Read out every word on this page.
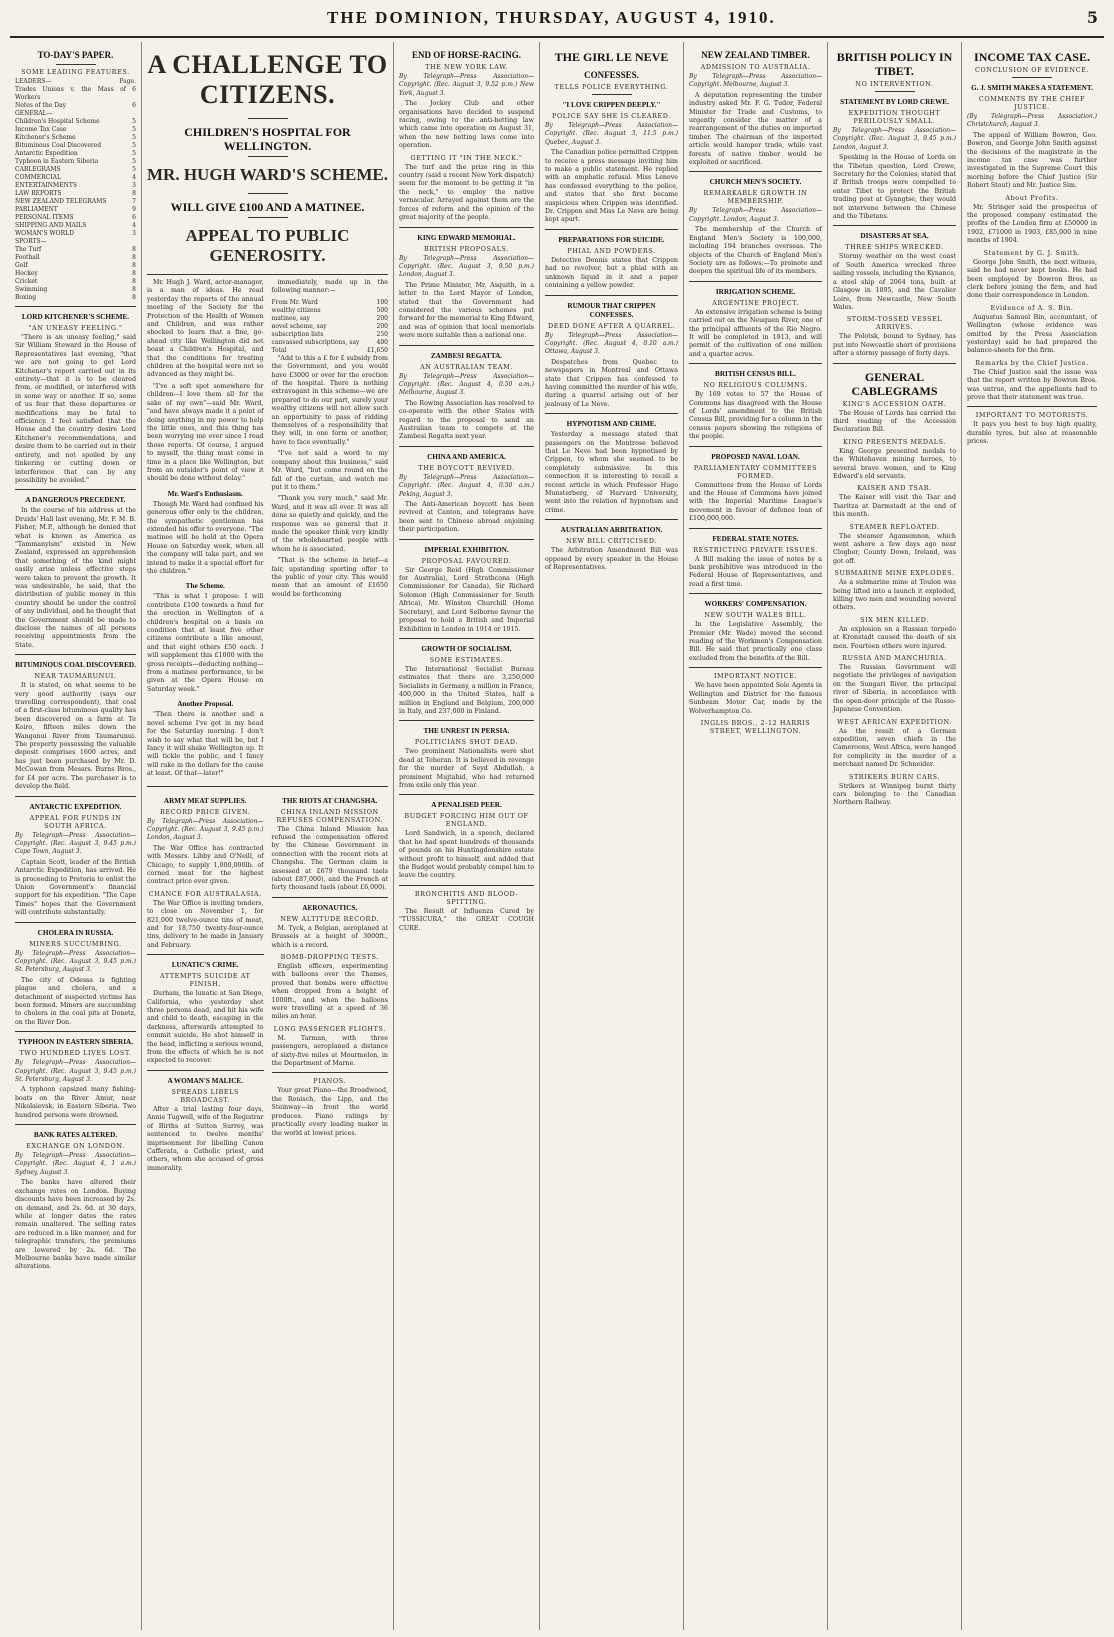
THE DOMINION, THURSDAY, AUGUST 4, 1910.	5
TO-DAY'S PAPER.
SOME LEADING FEATURES.
LEADERS—	Page.
Trades Unions v. the Mass of Workers
6
Notes of the Day	6
GENERAL—
Children's Hospital Scheme	5
Income Tax Case	5
Kitchener's Scheme	5
Bituminous Coal Discovered	5
Antarctic Expedition	5
Typhoon in Eastern Siberia	5
CABLEGRAMS	5
COMMERCIAL	4
ENTERTAINMENTS	3
LAW REPORTS	8
NEW ZEALAND TELEGRAMS	7
PARLIAMENT	9
PERSONAL ITEMS	6
SHIPPING AND MAILS	4
WOMAN'S WORLD	3
SPORTS—
The Turf	8
Football	8
Golf	8
Hockey	8
Cricket	8
Swimming	8
Boxing	8
LORD KITCHENER'S SCHEME.
"AN UNEASY FEELING."

"There is an uneasy feeling," said Sir William Steward in the House of Representatives last evening, "that we are not going to get Lord Kitchener's report carried out in its entirety—that it is to be cleared from, or modified, or interfered with in some way or another. If so, some of us fear that these departures or modifications may be fatal to efficiency. I feel satisfied that the House and the country desire Lord Kitchener's recommendations, and desire them to be carried out in their entirety, and not spoiled by any tinkering or cutting down or interference that can by any possibility be avoided."

A DANGEROUS PRECEDENT.

In the course of his address at the Druids' Hall last evening, Mr. F. M. B. Fisher, M.P., although he denied that what is known as America as "Tammanyism" existed in New Zealand, expressed an apprehension that something of the kind might easily arise unless effective steps were taken to prevent the growth. It was undesirable, he said, that the distribution of public money in this country should be under the control of any individual, and he thought that the Government should be made to disclose the names of all persons receiving appointments from the State.

BITUMINOUS COAL DISCOVERED.
NEAR TAUMARUNUI.

It is stated, on what seems to be very good authority (says our travelling correspondent), that coal of a first-class bituminous quality has been discovered on a farm at Te Koiro, fifteen miles down the Wanganui River from Taumarunui. The property possessing the valuable deposit comprises 1600 acres, and has just been purchased by Mr. D. McCowan from Messrs. Burns Bros., for £4 per acre. The purchaser is to develop the field.

ANTARCTIC EXPEDITION.
APPEAL FOR FUNDS IN SOUTH AFRICA.
By Telegraph—Press Association—Copyright. (Rec. August 3, 9.45 p.m.) Cape Town, August 3.

Captain Scott, leader of the British Antarctic Expedition, has arrived. He is proceeding to Pretoria to enlist the Union Government's financial support for his expedition. "The Cape Times" hopes that the Government will contribute substantially.

CHOLERA IN RUSSIA.
MINERS SUCCUMBING.
By Telegraph—Press Association—Copyright. (Rec. August 3, 9.45 p.m.) St. Petersburg, August 3.

The city of Odessa is fighting plague and cholera, and a detachment of suspected victims has been formed. Miners are succumbing to cholera in the coal pits at Donetz, on the River Don.

TYPHOON IN EASTERN SIBERIA.
TWO HUNDRED LIVES LOST.
By Telegraph—Press Association—Copyright. (Rec. August 3, 9.45 p.m.) St. Petersburg, August 3.

A typhoon capsized many fishing-boats on the River Amur, near Nikolaievsk, in Eastern Siberia. Two hundred persons were drowned.

BANK RATES ALTERED.
EXCHANGE ON LONDON.
By Telegraph—Press Association—Copyright. (Rec. August 4, 1 a.m.) Sydney, August 3.

The banks have altered their exchange rates on London. Buying discounts have been increased by 2s. on demand, and 2s. 6d. at 30 days, while at longer dates the rates remain unaltered. The selling rates are reduced in a like manner, and for telegraphic transfers, the premiums are lowered by 2s. 6d. The Melbourne banks have made similar alterations.

A CHALLENGE TO CITIZENS.
CHILDREN'S HOSPITAL FOR WELLINGTON.
MR. HUGH WARD'S SCHEME.
WILL GIVE £100 AND A MATINEE.
APPEAL TO PUBLIC GENEROSITY.

Mr. Hugh J. Ward, actor-manager, is a man of ideas. He read yesterday the reports of the annual meeting of the Society for the Protection of the Health of Women and Children, and was rather shocked to learn that a fine, go-ahead city like Wellington did not boast a Children's Hospital, and that the conditions for treating children at the hospital were not so advanced as they might be.

"I've a soft spot somewhere for children—I love them all for the sake of my own"—said Mr. Ward, "and have always made it a point of doing anything in my power to help the little ones, and this thing has been worrying me ever since I read those reports. Of course, I argued to myself, the thing must come in time in a place like Wellington, but from an outsider's point of view it should be done without delay."

Mr. Ward's Enthusiasm.

Though Mr. Ward had confined his generous offer only to the children, the sympathetic gentleman has extended his offer to everyone. "The matinee will be held at the Opera House on Saturday week, when all the company will take part, and we intend to make it a special effort for the children."

The Scheme.

"This is what I propose: I will contribute £100 towards a fund for the erection in Wellington of a children's hospital on a basis on condition that at least five other citizens contribute a like amount, and that eight others £50 each. I will supplement this £1000 with the gross receipts—deducting nothing—from a matinee performance, to be given at the Opera House on Saturday week."

Another Proposal.

"Then there is another and a novel scheme I've got in my head for the Saturday morning. I don't wish to say what that will be, but I fancy it will shake Wellington up. It will tickle the public, and I fancy will rake in the dollars for the cause at least. Of that—later!"

immediately, made up in the following manner:—

From Mr. Ward	100
wealthy citizens	500
matinee, say	200
novel scheme, say	200
subscription lists	250
canvassed subscriptions, say	400
Total	£1,650

"Add to this a £ for £ subsidy from the Government, and you would have £3000 or over for the erection of the hospital. There is nothing extravagant in this scheme—we are prepared to do our part, surely your wealthy citizens will not allow such an opportunity to pass of ridding themselves of a responsibility that they will, in one form or another, have to face eventually."

"I've not said a word to my company about this business," said Mr. Ward, "but come round on the fall of the curtain, and watch me put it to them."

"Thank you very much," said Mr. Ward, and it was all over. It was all done so quietly and quickly, and the response was so general that it made the speaker think very kindly of the wholehearted people with whom he is associated.

"That is the scheme in brief—a fair, upstanding sporting offer to the public of your city. This would mean that an amount of £1650 would be forthcoming

ARMY MEAT SUPPLIES.
RECORD PRICE GIVEN.
By Telegraph—Press Association—Copyright. (Rec. August 3, 9.45 p.m.) London, August 3.

The War Office has contracted with Messrs. Libby and O'Neill, of Chicago, to supply 1,000,000lb. of corned meat for the highest contract price ever given.

CHANCE FOR AUSTRALASIA.

The War Office is inviting tenders, to close on November 1, for 821,000 twelve-ounce tins of meat, and for 18,750 twenty-four-ounce tins, delivery to be made in January and February.

LUNATIC'S CRIME.
ATTEMPTS SUICIDE AT FINISH.

Durham, the lunatic at San Diego, California, who yesterday shot three persons dead, and hit his wife and child to death, escaping in the darkness, afterwards attempted to commit suicide. He shot himself in the head, inflicting a serious wound, from the effects of which he is not expected to recover.

A WOMAN'S MALICE.
SPREADS LIBELS BROADCAST.

After a trial lasting four days, Annie Tugwell, wife of the Registrar of Births at Sutton Surrey, was sentenced to twelve months' imprisonment for libelling Canon Cafferata, a Catholic priest, and others, whom she accused of gross immorality.

THE RIOTS AT CHANGSHA.
CHINA INLAND MISSION REFUSES COMPENSATION.

The China Inland Mission has refused the compensation offered by the Chinese Government in connection with the recent riots at Changsha. The German claim is assessed at £679 thousand taels (about £87,000), and the French at forty thousand taels (about £6,000).

AERONAUTICS.
NEW ALTITUDE RECORD.

M. Tyck, a Belgian, aeroplaned at Brussels at a height of 3000ft., which is a record.

BOMB-DROPPING TESTS.

English officers, experimenting with balloons over the Thames, proved that bombs were effective when dropped from a height of 1000ft., and when the balloons were travelling at a speed of 36 miles an hour.

LONG PASSENGER FLIGHTS.

M. Tarman, with three passengers, aeroplaned a distance of sixty-five miles at Mourmelon, in the Department of Marne.

PIANOS.

Your great Piano—the Broadwood, the Ronisch, the Lipp, and the Steinway—in front the world produces. Piano ratings by practically every leading maker in the world at lowest prices.

END OF HORSE-RACING.
THE NEW YORK LAW.
By Telegraph—Press Association—Copyright. (Rec. August 3, 9.52 p.m.) New York, August 3.

The Jockey Club and other organisations have decided to suspend racing, owing to the anti-betting law which came into operation on August 31, when the new betting laws come into operation.

GETTING IT "IN THE NECK."

The turf and the prize ring in this country (said a recent New York dispatch) seem for the moment to be getting it "in the neck," to employ the native vernacular. Arrayed against them are the forces of reform and the opinion of the great majority of the people.

KING EDWARD MEMORIAL.
BRITISH PROPOSALS.
By Telegraph—Press Association—Copyright. (Rec. August 3, 9.50 p.m.) London, August 3.

The Prime Minister, Mr. Asquith, in a letter to the Lord Mayor of London, stated that the Government had considered the various schemes put forward for the memorial to King Edward, and was of opinion that local memorials were more suitable than a national one.

ZAMBESI REGATTA.
AN AUSTRALIAN TEAM.
By Telegraph—Press Association—Copyright. (Rec. August 4, 0.50 a.m.) Melbourne, August 3.

The Rowing Association has resolved to co-operate with the other States with regard to the proposal to send an Australian team to compete at the Zambesi Regatta next year.

CHINA AND AMERICA.
THE BOYCOTT REVIVED.
By Telegraph—Press Association—Copyright. (Rec. August 4, 0.50 a.m.) Peking, August 3.

The Anti-American boycott has been revived at Canton, and telegrams have been sent to Chinese abroad enjoining their participation.

IMPERIAL EXHIBITION.
PROPOSAL FAVOURED.

Sir George Reid (High Commissioner for Australia), Lord Strathcona (High Commissioner for Canada), Sir Richard Solomon (High Commissioner for South Africa), Mr. Winston Churchill (Home Secretary), and Lord Selborne favour the proposal to hold a British and Imperial Exhibition in London in 1914 or 1915.

GROWTH OF SOCIALISM.
SOME ESTIMATES.

The International Socialist Bureau estimates that there are 3,250,000 Socialists in Germany, a million in France, 400,000 in the United States, half a million in England and Belgium, 200,000 in Italy, and 237,000 in Finland.

THE UNREST IN PERSIA.
POLITICIANS SHOT DEAD.

Two prominent Nationalists were shot dead at Teheran. It is believed in revenge for the murder of Seyd Abdullah, a prominent Mujtahid, who had returned from exile only this year.

A PENALISED PEER.
BUDGET FORCING HIM OUT OF ENGLAND.

Lord Sandwich, in a speech, declared that he had spent hundreds of thousands of pounds on his Huntingdonshire estate without profit to himself, and added that the Budget would probably compel him to leave the country.

BRONCHITIS AND BLOOD-SPITTING.

The Result of Influenza Cured by "TUSSICURA," the GREAT COUGH CURE.

THE GIRL LE NEVE
CONFESSES.
TELLS POLICE EVERYTHING.
"I LOVE CRIPPEN DEEPLY."
POLICE SAY SHE IS CLEARED.
By Telegraph—Press Association—Copyright. (Rec. August 3, 11.5 p.m.) Quebec, August 3.

The Canadian police permitted Crippen to receive a press message inviting him to make a public statement. He replied with an emphatic refusal. Miss Leneve has confessed everything to the police, and states that she first became suspicious when Crippen was identified. Dr. Crippen and Miss Le Neve are being kept apart.

PREPARATIONS FOR SUICIDE.
PHIAL AND POWDERS.

Detective Dennis states that Crippen had no revolver, but a phial with an unknown liquid in it and a paper containing a yellow powder.

RUMOUR THAT CRIPPEN CONFESSES.
DEED DONE AFTER A QUARREL.
By Telegraph—Press Association—Copyright. (Rec. August 4, 0.10 a.m.) Ottawa, August 3.

Despatches from Quebec to newspapers in Montreal and Ottawa state that Crippen has confessed to having committed the murder of his wife, during a quarrel arising out of her jealousy of Le Neve.

HYPNOTISM AND CRIME.

Yesterday a message stated that passengers on the Montrose believed that Le Neve had been hypnotised by Crippen, to whom she seemed to be completely submissive. In this connection it is interesting to recall a recent article in which Professor Hugo Munsterberg, of Harvard University, went into the relation of hypnotism and crime.

AUSTRALIAN ARBITRATION.
NEW BILL CRITICISED.

The Arbitration Amendment Bill was opposed by every speaker in the House of Representatives.

NEW ZEALAND TIMBER.
ADMISSION TO AUSTRALIA.
By Telegraph—Press Association—Copyright. Melbourne, August 3.

A deputation representing the timber industry asked Mr. F. G. Tudor, Federal Minister for Trade and Customs, to urgently consider the matter of a rearrangement of the duties on imported timber. The chairman of the imported article would hamper trade, while vast forests of native timber would be exploited or sacrificed.

CHURCH MEN'S SOCIETY.
REMARKABLE GROWTH IN MEMBERSHIP.
By Telegraph—Press Association—Copyright. London, August 3.

The membership of the Church of England Men's Society is 100,000, including 194 branches overseas. The objects of the Church of England Men's Society are as follows:—To promote and deepen the spiritual life of its members.

IRRIGATION SCHEME.
ARGENTINE PROJECT.

An extensive irrigation scheme is being carried out on the Neuquen River, one of the principal affluents of the Rio Negro. It will be completed in 1913, and will permit of the cultivation of one million and a quarter acres.

BRITISH CENSUS BILL.
NO RELIGIOUS COLUMNS.

By 169 votes to 57 the House of Commons has disagreed with the House of Lords' amendment to the British Census Bill, providing for a column in the census papers showing the religions of the people.

PROPOSED NAVAL LOAN.
PARLIAMENTARY COMMITTEES FORMED.

Committees from the House of Lords and the House of Commons have joined with the Imperial Maritime League's movement in favour of defence loan of £100,000,000.

FEDERAL STATE NOTES.
RESTRICTING PRIVATE ISSUES.

A Bill making the issue of notes by a bank prohibitive was introduced in the Federal House of Representatives, and read a first time.

WORKERS' COMPENSATION.
NEW SOUTH WALES BILL.

In the Legislative Assembly, the Premier (Mr. Wade) moved the second reading of the Workmen's Compensation Bill. He said that practically one class excluded from the benefits of the Bill.

IMPORTANT NOTICE.

We have been appointed Sole Agents in Wellington and District for the famous Sunbeam Motor Car, made by the Wolverhampton Co.

INGLIS BROS., 2-12 HARRIS STREET, WELLINGTON.
BRITISH POLICY IN TIBET.
NO INTERVENTION.
STATEMENT BY LORD CREWE.
EXPEDITION THOUGHT PERILOUSLY SMALL.
By Telegraph—Press Association—Copyright. (Rec. August 3, 9.45 p.m.) London, August 3.

Speaking in the House of Lords on the Tibetan question, Lord Crewe, Secretary for the Colonies, stated that if British troops were compelled to enter Tibet to protect the British trading post at Gyangtse, they would not intervene between the Chinese and the Tibetans.

DISASTERS AT SEA.
THREE SHIPS WRECKED.

Stormy weather on the west coast of South America wrecked three sailing vessels, including the Kynance, a steel ship of 2064 tons, built at Glasgow in 1895, and the Cavalier Loire, from Newcastle, New South Wales.

STORM-TOSSED VESSEL ARRIVES.

The Polotsk, bound to Sydney, has put into Newcastle short of provisions after a stormy passage of forty days.

GENERAL CABLEGRAMS
KING'S ACCESSION OATH.

The House of Lords has carried the third reading of the Accession Declaration Bill.

KING PRESENTS MEDALS.

King George presented medals to the Whitehaven mining heroes, to several brave women, and to King Edward's old servants.

KAISER AND TSAR.

The Kaiser will visit the Tsar and Tsaritza at Darmstadt at the end of this month.

STEAMER REFLOATED.

The steamer Agamemnon, which went ashore a few days ago near Clogher, County Down, Ireland, was got off.

SUBMARINE MINE EXPLODES.

As a submarine mine at Toulon was being lifted into a launch it exploded, killing two men and wounding several others.

SIX MEN KILLED.

An explosion on a Russian torpedo at Kronstadt caused the death of six men. Fourteen others were injured.

RUSSIA AND MANCHURIA.

The Russian Government will negotiate the privileges of navigation on the Sungari River, the principal river of Siberia, in accordance with the open-door principle of the Russo-Japanese Convention.

WEST AFRICAN EXPEDITION.

As the result of a German expedition, seven chiefs in the Cameroons, West Africa, were hanged for complicity in the murder of a merchant named Dr. Schneider.

STRIKERS BURN CARS.

Strikers at Winnipeg burnt thirty cars belonging to the Canadian Northern Railway.

INCOME TAX CASE.
CONCLUSION OF EVIDENCE.
G. J. SMITH MAKES A STATEMENT.
COMMENTS BY THE CHIEF JUSTICE.
(By Telegraph—Press Association.) Christchurch, August 3.

The appeal of William Bowron, Geo. Bowron, and George John Smith against the decisions of the magistrate in the income tax case was further investigated in the Supreme Court this morning before the Chief Justice (Sir Robert Stout) and Mr. Justice Sim.

About Profits.

Mr. Stringer said the prospectus of the proposed company estimated the profits of the London firm at £50000 in 1902, £71000 in 1903, £85,000 in nine months of 1904.

Statement by G. J. Smith.

George John Smith, the next witness, said he had never kept books. He had been employed by Bowron Bros. as clerk before joining the firm, and had done their correspondence in London.

Evidence of A. S. Bin.

Augustus Samuel Bin, accountant, of Wellington (whose evidence was omitted by the Press Association yesterday) said he had prepared the balance-sheets for the firm.

Remarks by the Chief Justice.

The Chief Justice said the issue was that the report written by Bowron Bros. was untrue, and the appellants had to prove that their statement was true.

IMPORTANT TO MOTORISTS.

It pays you best to buy high quality, durable tyres, but also at reasonable prices.
